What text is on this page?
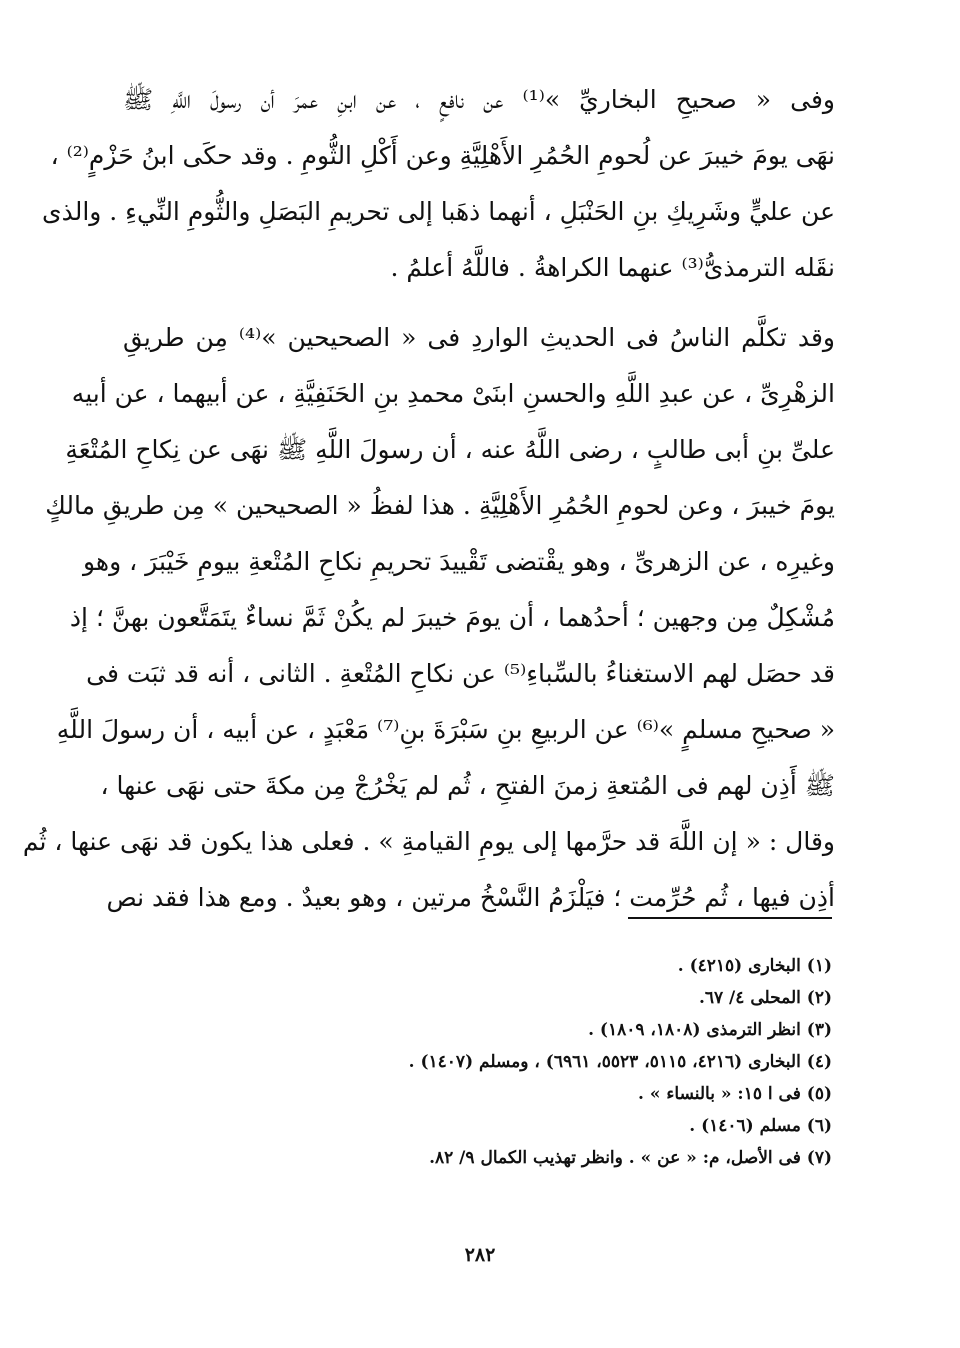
وفى « صحيحِ البخاريِّ »⁽¹⁾ عن نافعٍ ، عن ابنِ عمرَ أن رسولَ اللَّهِ ﷺ
نهَى يومَ خيبرَ عن لُحومِ الحُمُرِ الأَهْلِيَّةِ وعن أَكْلِ الثُّومِ . وقد حكَى ابنُ حَزْمٍ⁽²⁾ ،
عن عليٍّ وشَرِيكِ بنِ الحَنْبَلِ ، أنهما ذهَبا إلى تحريمِ البَصَلِ والثُّومِ النِّيءِ . والذى
نقَله الترمذىُّ⁽³⁾ عنهما الكراهةُ . فاللَّهُ أعلمُ .
وقد تكلَّم الناسُ فى الحديثِ الواردِ فى « الصحيحين »⁽⁴⁾ مِن طريقِ
الزهْرِىِّ ، عن عبدِ اللَّهِ والحسنِ ابنَىْ محمدِ بنِ الحَنَفِيَّةِ ، عن أبيهما ، عن أبيه
علىِّ بنِ أبى طالبٍ ، رضى اللَّهُ عنه ، أن رسولَ اللَّهِ ﷺ نهَى عن نِكاحِ المُتْعَةِ
يومَ خيبرَ ، وعن لحومِ الحُمُرِ الأَهْلِيَّةِ . هذا لفظُ « الصحيحين » مِن طريقِ مالكٍ
وغيرِه ، عن الزهرىِّ ، وهو يقْتضى تَقْييدَ تحريمِ نكاحِ المُتْعةِ بيومِ خَيْبَرَ ، وهو
مُشْكِلٌ مِن وجهين ؛ أحدُهما ، أن يومَ خيبرَ لم يكُنْ ثَمَّ نساءٌ يتَمَتَّعون بهنَّ ؛ إذ
قد حصَل لهم الاستغناءُ بالسِّباءِ⁽⁵⁾ عن نكاحِ المُتْعةِ . الثانى ، أنه قد ثبَت فى
« صحيحِ مسلمٍ »⁽⁶⁾ عن الربيعِ بنِ سَبْرَةَ بنِ⁽⁷⁾ مَعْبَدٍ ، عن أبيه ، أن رسولَ اللَّهِ
ﷺ أَذِن لهم فى المُتعةِ زمنَ الفتحِ ، ثُم لم يَخْرُجْ مِن مكةَ حتى نهَى عنها ،
وقال : « إن اللَّهَ قد حرَّمها إلى يومِ القيامةِ » . فعلى هذا يكون قد نهَى عنها ، ثُم
أذِن فيها ، ثُم حُرِّمت ؛ فيَلْزَمُ النَّسْخُ مرتين ، وهو بعيدٌ . ومع هذا فقد نص
(١) البخارى (٤٢١٥) .
(٢) المحلى ٤/ ٦٧.
(٣) انظر الترمذى (١٨٠٨، ١٨٠٩) .
(٤) البخارى (٤٢١٦، ٥١١٥، ٥٥٢٣، ٦٩٦١) ، ومسلم (١٤٠٧) .
(٥) فى ا ١٥: « بالنساء » .
(٦) مسلم (١٤٠٦) .
(٧) فى الأصل، م: « عن » . وانظر تهذيب الكمال ٩/ ٨٢.
٢٨٢
